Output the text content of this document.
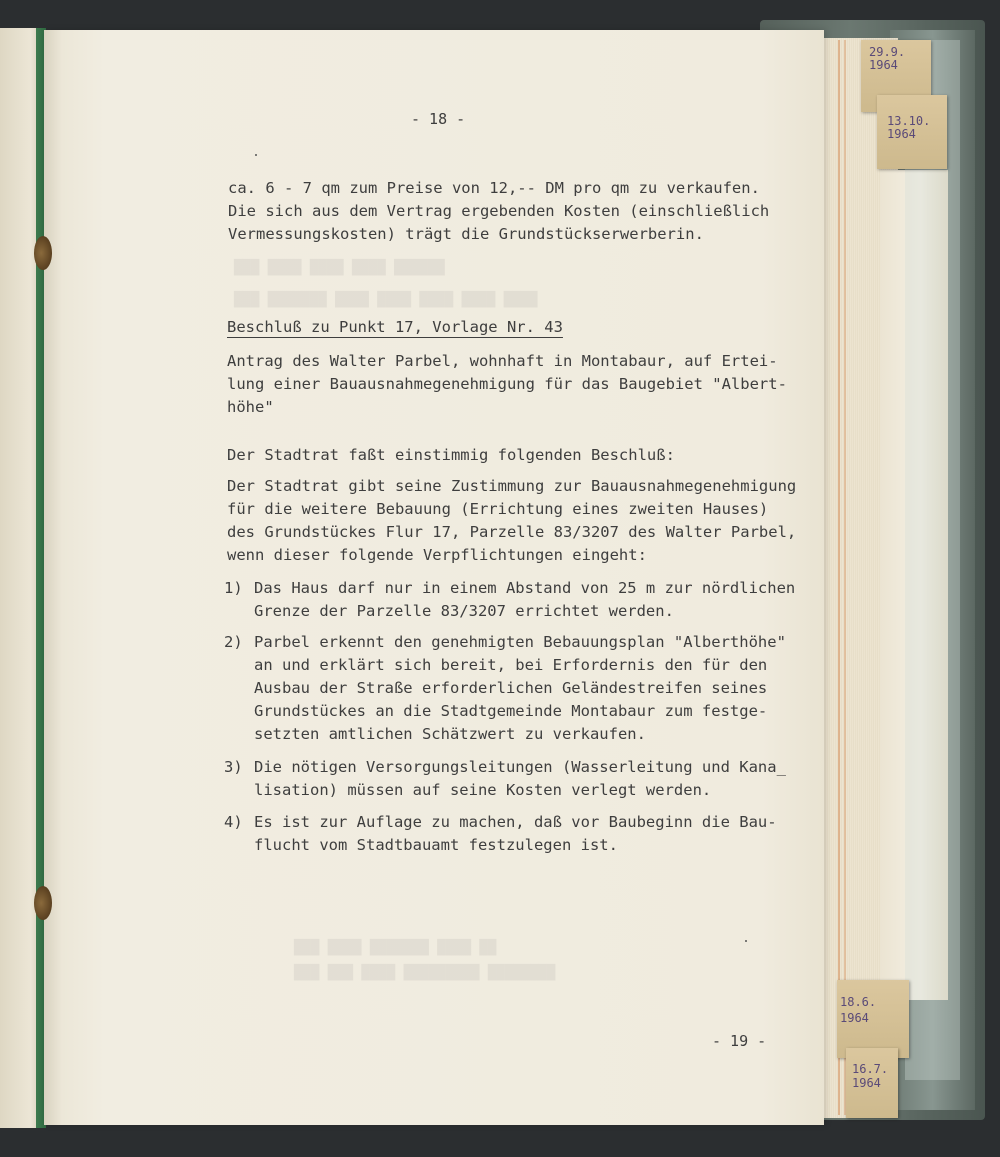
29.9.

1964

13.10.

1964

18.6.

1964

16.7.

1964

███ ████ ████ ████ ██████
███ ███████ ████ ████ ████ ████ ████
███ ████ ███████ ████ ██
███ ███ ████ █████████ ████████

- 18 -

ca. 6 - 7 qm zum Preise von 12,-- DM pro qm zu verkaufen.

Die sich aus dem Vertrag ergebenden Kosten (einschließlich

Vermessungskosten) trägt die Grundstückserwerberin.

Beschluß zu Punkt 17, Vorlage Nr. 43

Antrag des Walter Parbel, wohnhaft in Montabaur, auf Ertei-

lung einer Bauausnahmegenehmigung für das Baugebiet "Albert-

höhe"

Der Stadtrat faßt einstimmig folgenden Beschluß:

Der Stadtrat gibt seine Zustimmung zur Bauausnahmegenehmigung

für die weitere Bebauung (Errichtung eines zweiten Hauses)

des Grundstückes Flur 17, Parzelle 83/3207 des Walter Parbel,

wenn dieser folgende Verpflichtungen eingeht:

1) Das Haus darf nur in einem Abstand von 25 m zur nördlichen

Grenze der Parzelle 83/3207 errichtet werden.

2) Parbel erkennt den genehmigten Bebauungsplan "Alberthöhe"

an und erklärt sich bereit, bei Erfordernis den für den

Ausbau der Straße erforderlichen Geländestreifen seines

Grundstückes an die Stadtgemeinde Montabaur zum festge-

setzten amtlichen Schätzwert zu verkaufen.

3) Die nötigen Versorgungsleitungen (Wasserleitung und Kana_

lisation) müssen auf seine Kosten verlegt werden.

4) Es ist zur Auflage zu machen, daß vor Baubeginn die Bau-

flucht vom Stadtbauamt festzulegen ist.

- 19 -
